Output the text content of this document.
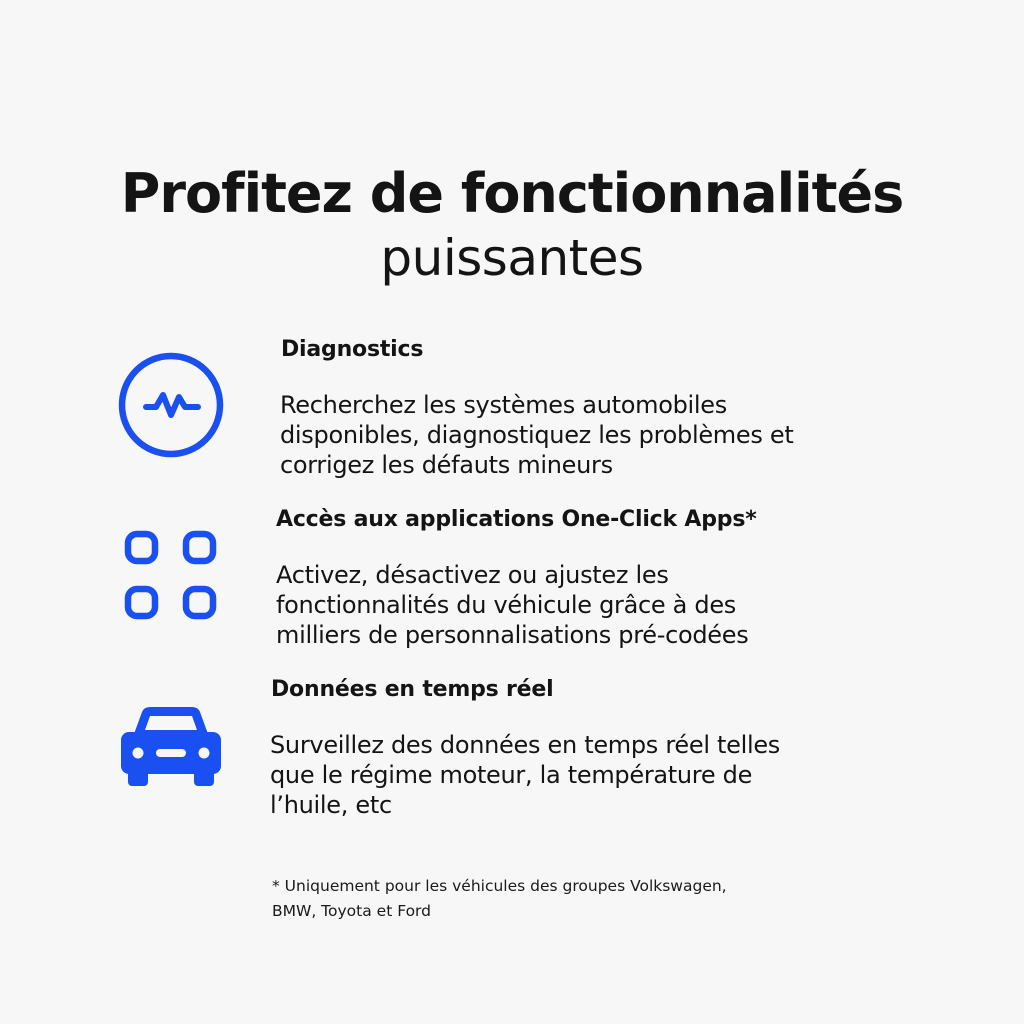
Profitez de fonctionnalités
puissantes
Diagnostics
Recherchez les systèmes automobiles
disponibles, diagnostiquez les problèmes et
corrigez les défauts mineurs
Accès aux applications One-Click Apps*
Activez, désactivez ou ajustez les
fonctionnalités du véhicule grâce à des
milliers de personnalisations pré-codées
Données en temps réel
Surveillez des données en temps réel telles
que le régime moteur, la température de
l’huile, etc
* Uniquement pour les véhicules des groupes Volkswagen,
BMW, Toyota et Ford
